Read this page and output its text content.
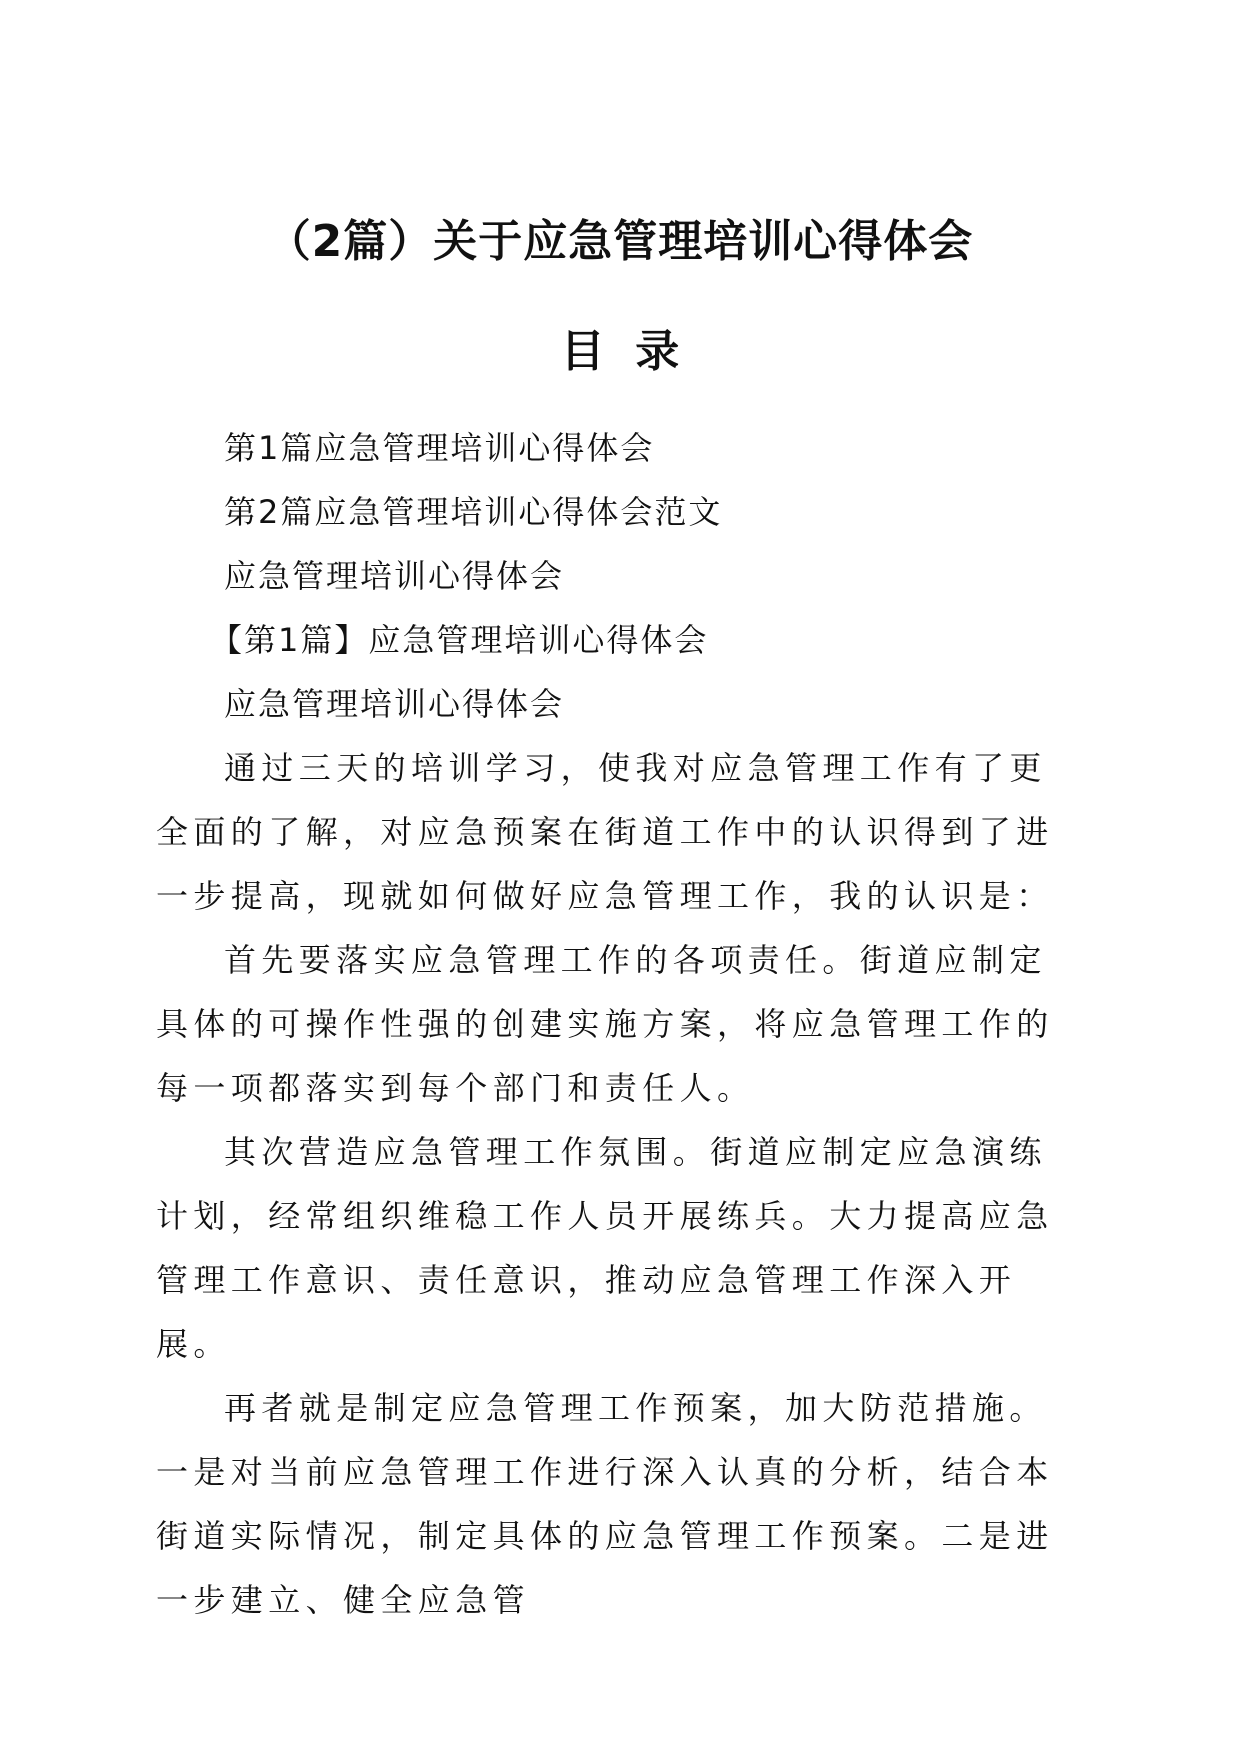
（2篇）关于应急管理培训心得体会
目  录
第1篇应急管理培训心得体会
第2篇应急管理培训心得体会范文
应急管理培训心得体会
【第1篇】应急管理培训心得体会
应急管理培训心得体会

通过三天的培训学习，使我对应急管理工作有了更全面的了解，对应急预案在街道工作中的认识得到了进一步提高，现就如何做好应急管理工作，我的认识是：

首先要落实应急管理工作的各项责任。街道应制定具体的可操作性强的创建实施方案，将应急管理工作的每一项都落实到每个部门和责任人。

其次营造应急管理工作氛围。街道应制定应急演练计划，经常组织维稳工作人员开展练兵。大力提高应急管理工作意识、责任意识，推动应急管理工作深入开展。

再者就是制定应急管理工作预案，加大防范措施。一是对当前应急管理工作进行深入认真的分析，结合本街道实际情况，制定具体的应急管理工作预案。二是进一步建立、健全应急管
